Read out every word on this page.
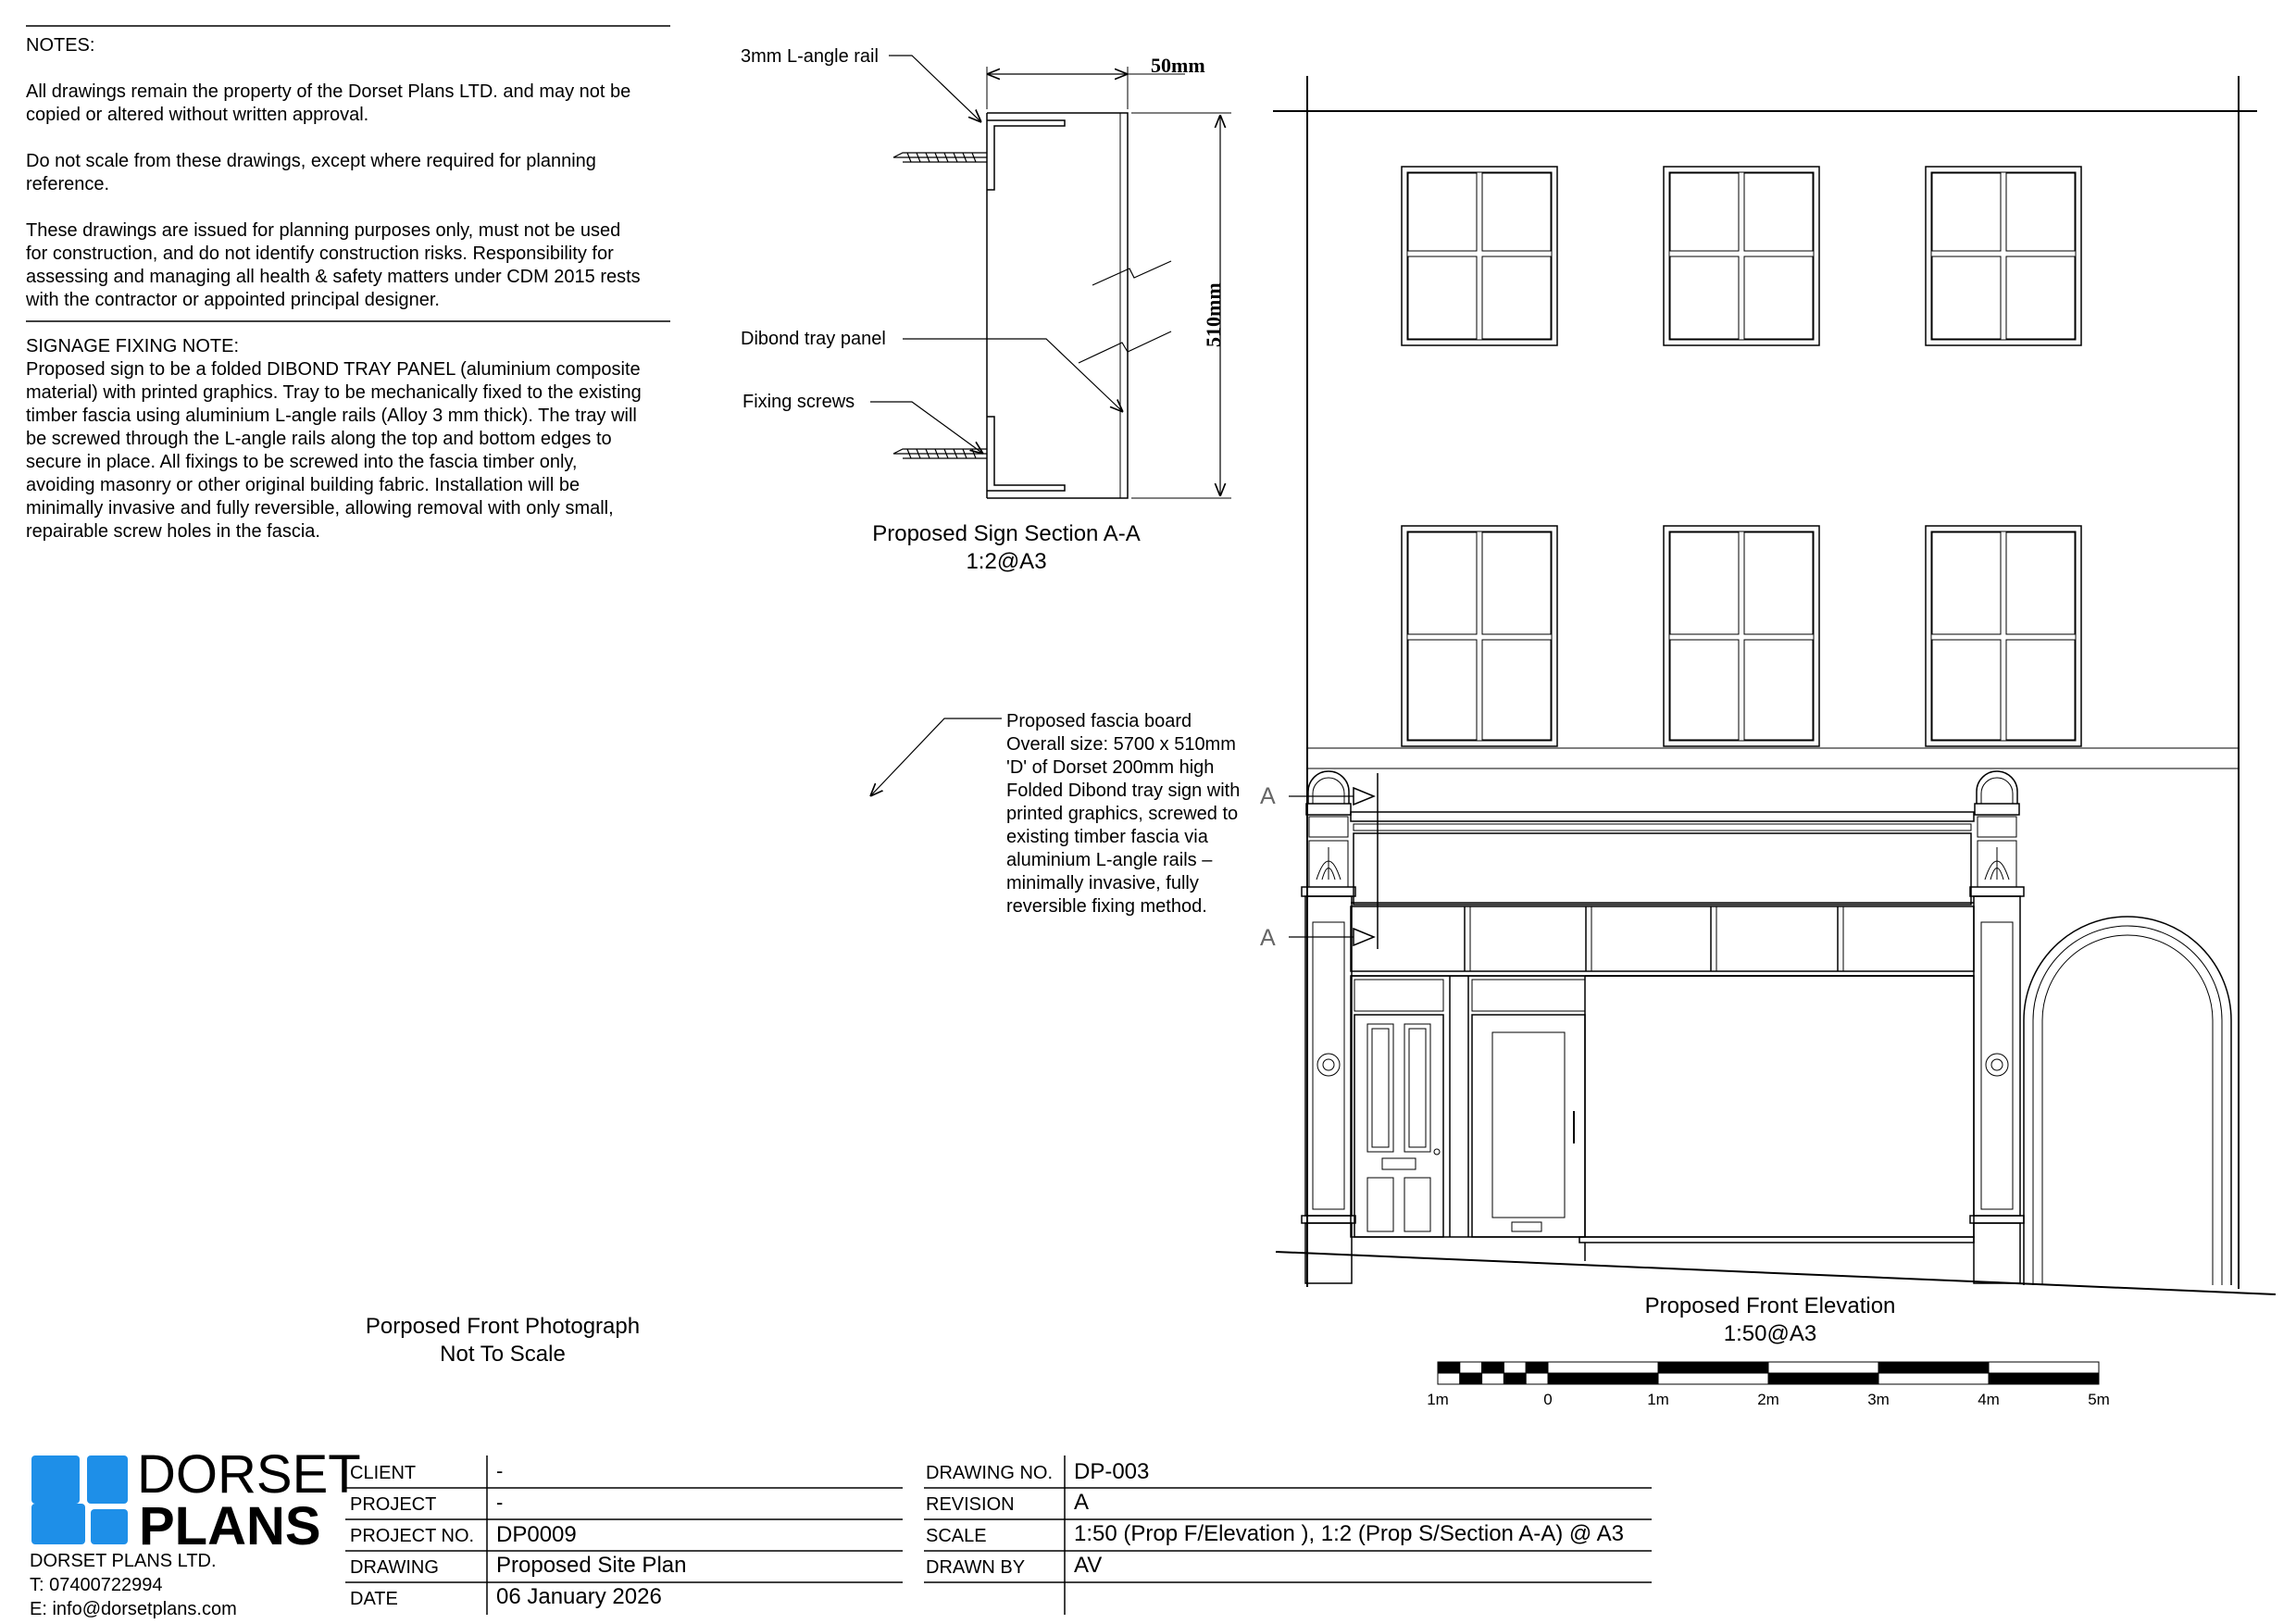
NOTES:
All drawings remain the property of the Dorset Plans LTD. and may not be
copied or altered without written approval.
Do not scale from these drawings, except where required for planning
reference.
These drawings are issued for planning purposes only, must not be used
for construction, and do not identify construction risks. Responsibility for
assessing and managing all health & safety matters under CDM 2015 rests
with the contractor or appointed principal designer.
SIGNAGE FIXING NOTE:
Proposed sign to be a folded DIBOND TRAY PANEL (aluminium composite
material) with printed graphics. Tray to be mechanically fixed to the existing
timber fascia using aluminium L-angle rails (Alloy 3 mm thick). The tray will
be screwed through the L-angle rails along the top and bottom edges to
secure in place. All fixings to be screwed into the fascia timber only,
avoiding masonry or other original building fabric. Installation will be
minimally invasive and fully reversible, allowing removal with only small,
repairable screw holes in the fascia.
3mm L-angle rail
Dibond tray panel
Fixing screws
50mm
510mm
Proposed Sign Section A-A
1:2@A3
Proposed fascia board
Overall size: 5700 x 510mm
'D' of Dorset 200mm high
Folded Dibond tray sign with
printed graphics, screwed to
existing timber fascia via
aluminium L-angle rails –
minimally invasive, fully
reversible fixing method.
A
A
Proposed Front Elevation
1:50@A3
1m	0	1m	2m	3m	4m	5m
Porposed Front Photograph
Not To Scale
DORSET
PLANS
DORSET PLANS LTD.
T: 07400722994
E: info@dorsetplans.com
CLIENT	-
PROJECT	-
PROJECT NO. DP0009
DRAWING	Proposed Site Plan
DATE	06 January 2026
DRAWING NO. DP-003
REVISION	A
SCALE	1:50 (Prop F/Elevation ), 1:2 (Prop S/Section A-A) @ A3
DRAWN BY AV
